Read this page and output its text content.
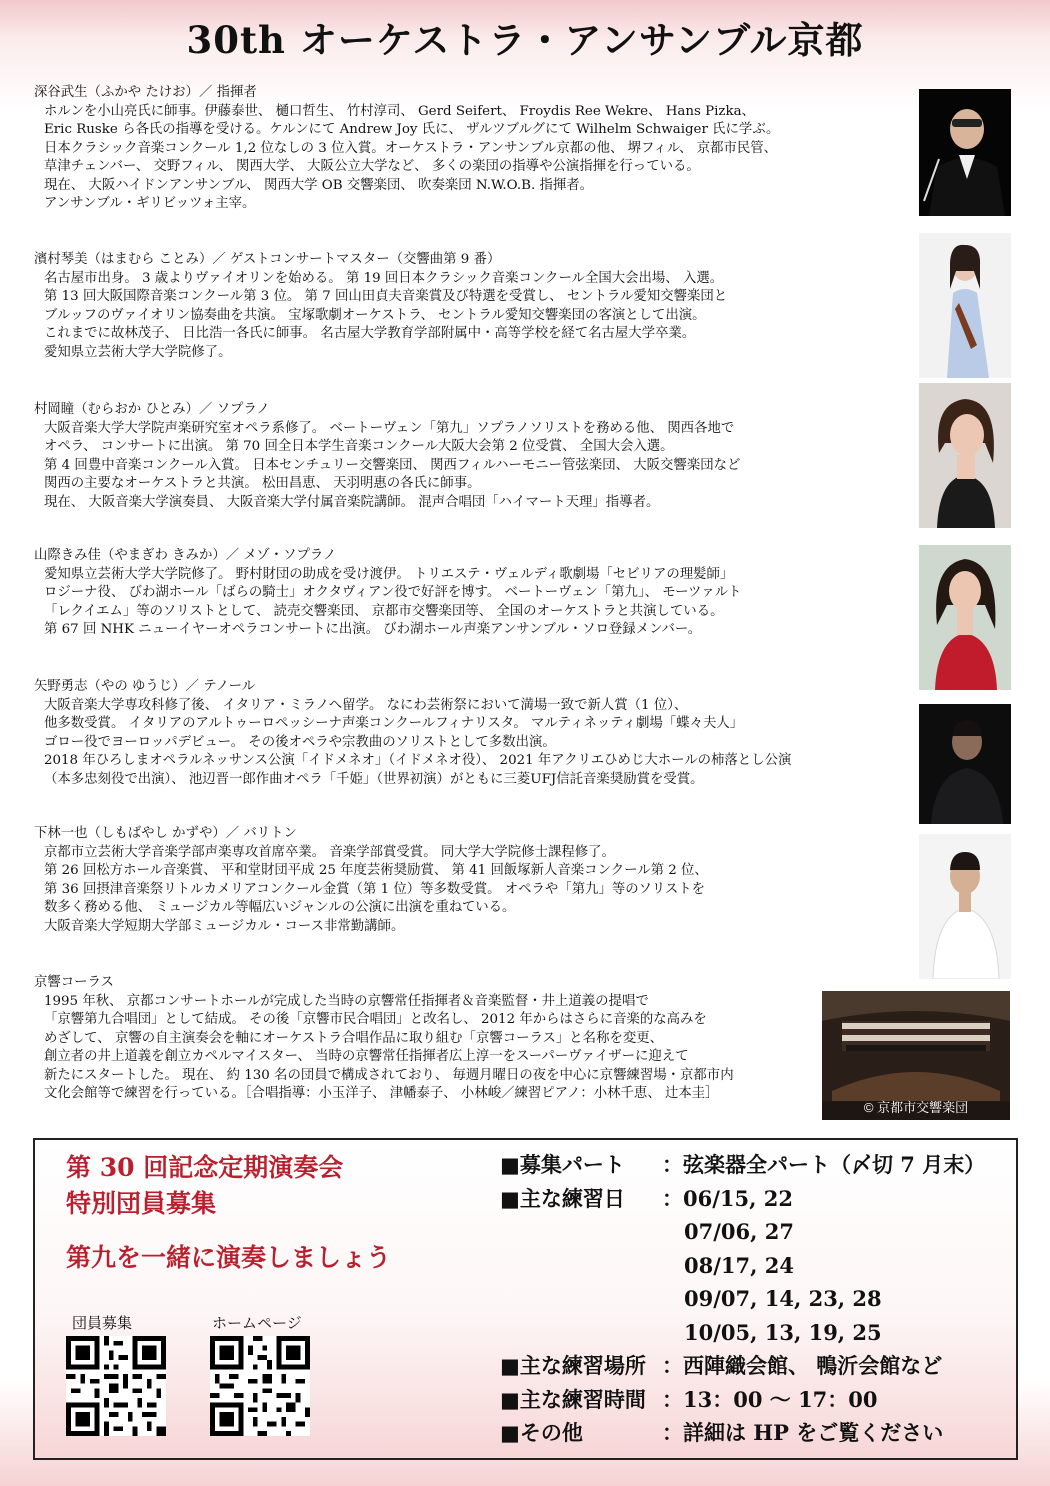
30th オーケストラ・アンサンブル京都
深谷武生（ふかや たけお）／ 指揮者
ホルンを小山亮氏に師事。伊藤泰世、 樋口哲生、 竹村淳司、 Gerd Seifert、 Froydis Ree Wekre、 Hans Pizka、
Eric Ruske ら各氏の指導を受ける。ケルンにて Andrew Joy 氏に、 ザルツブルグにて Wilhelm Schwaiger 氏に学ぶ。
日本クラシック音楽コンクール 1,2 位なしの 3 位入賞。オーケストラ・アンサンブル京都の他、 堺フィル、 京都市民管、
草津チェンバー、 交野フィル、 関西大学、 大阪公立大学など、 多くの楽団の指導や公演指揮を行っている。
現在、 大阪ハイドンアンサンブル、 関西大学 OB 交響楽団、 吹奏楽団 N.W.O.B. 指揮者。
アンサンブル・ギリビッツォ主宰。
濱村琴美（はまむら ことみ）／ ゲストコンサートマスター（交響曲第 9 番）
名古屋市出身。 3 歳よりヴァイオリンを始める。 第 19 回日本クラシック音楽コンクール全国大会出場、 入選。
第 13 回大阪国際音楽コンクール第 3 位。 第 7 回山田貞夫音楽賞及び特選を受賞し、 セントラル愛知交響楽団と
ブルッフのヴァイオリン協奏曲を共演。 宝塚歌劇オーケストラ、 セントラル愛知交響楽団の客演として出演。
これまでに故林茂子、 日比浩一各氏に師事。 名古屋大学教育学部附属中・高等学校を経て名古屋大学卒業。
愛知県立芸術大学大学院修了。
村岡瞳（むらおか ひとみ）／ ソプラノ
大阪音楽大学大学院声楽研究室オペラ系修了。 ベートーヴェン「第九」ソプラノソリストを務める他、 関西各地で
オペラ、 コンサートに出演。 第 70 回全日本学生音楽コンクール大阪大会第 2 位受賞、 全国大会入選。
第 4 回豊中音楽コンクール入賞。 日本センチュリー交響楽団、 関西フィルハーモニー管弦楽団、 大阪交響楽団など
関西の主要なオーケストラと共演。 松田昌恵、 天羽明惠の各氏に師事。
現在、 大阪音楽大学演奏員、 大阪音楽大学付属音楽院講師。 混声合唱団「ハイマート天理」指導者。
山際きみ佳（やまぎわ きみか）／ メゾ・ソプラノ
愛知県立芸術大学大学院修了。 野村財団の助成を受け渡伊。 トリエステ・ヴェルディ歌劇場「セビリアの理髪師」
ロジーナ役、 びわ湖ホール「ばらの騎士」オクタヴィアン役で好評を博す。 ベートーヴェン「第九」、 モーツァルト
「レクイエム」等のソリストとして、 読売交響楽団、 京都市交響楽団等、 全国のオーケストラと共演している。
第 67 回 NHK ニューイヤーオペラコンサートに出演。 びわ湖ホール声楽アンサンブル・ソロ登録メンバー。
矢野勇志（やの ゆうじ）／ テノール
大阪音楽大学専攻科修了後、 イタリア・ミラノへ留学。 なにわ芸術祭において満場一致で新人賞（1 位）、
他多数受賞。 イタリアのアルトゥーロペッシーナ声楽コンクールフィナリスタ。 マルティネッティ劇場「蝶々夫人」
ゴロー役でヨーロッパデビュー。 その後オペラや宗教曲のソリストとして多数出演。
2018 年ひろしまオペラルネッサンス公演「イドメネオ」（イドメネオ役）、 2021 年アクリエひめじ大ホールの柿落とし公演
（本多忠刻役で出演）、 池辺晋一郎作曲オペラ「千姫」（世界初演）がともに三菱UFJ信託音楽奨励賞を受賞。
下林一也（しもばやし かずや）／ バリトン
京都市立芸術大学音楽学部声楽専攻首席卒業。 音楽学部賞受賞。 同大学大学院修士課程修了。
第 26 回松方ホール音楽賞、 平和堂財団平成 25 年度芸術奨励賞、 第 41 回飯塚新人音楽コンクール第 2 位、
第 36 回摂津音楽祭リトルカメリアコンクール金賞（第 1 位）等多数受賞。 オペラや「第九」等のソリストを
数多く務める他、 ミュージカル等幅広いジャンルの公演に出演を重ねている。
大阪音楽大学短期大学部ミュージカル・コース非常勤講師。
京響コーラス
1995 年秋、 京都コンサートホールが完成した当時の京響常任指揮者＆音楽監督・井上道義の提唱で
「京響第九合唱団」として結成。 その後「京響市民合唱団」と改名し、 2012 年からはさらに音楽的な高みを
めざして、 京響の自主演奏会を軸にオーケストラ合唱作品に取り組む「京響コーラス」と名称を変更、
創立者の井上道義を創立カペルマイスター、 当時の京響常任指揮者広上淳一をスーパーヴァイザーに迎えて
新たにスタートした。 現在、 約 130 名の団員で構成されており、 毎週月曜日の夜を中心に京響練習場・京都市内
文化会館等で練習を行っている。［合唱指導：小玉洋子、 津幡泰子、 小林峻／練習ピアノ：小林千恵、 辻本圭］
© 京都市交響楽団
第 30 回記念定期演奏会
特別団員募集
第九を一緒に演奏しましょう
団員募集	ホームページ
■募集パート ：弦楽器全パート（〆切 7 月末）
■主な練習日 ：06/15, 22
07/06, 27
08/17, 24
09/07, 14, 23, 28
10/05, 13, 19, 25
■主な練習場所 ：西陣織会館、 鴨沂会館など
■主な練習時間 ：13：00 ～ 17：00
■その他	：詳細は HP をご覧ください
